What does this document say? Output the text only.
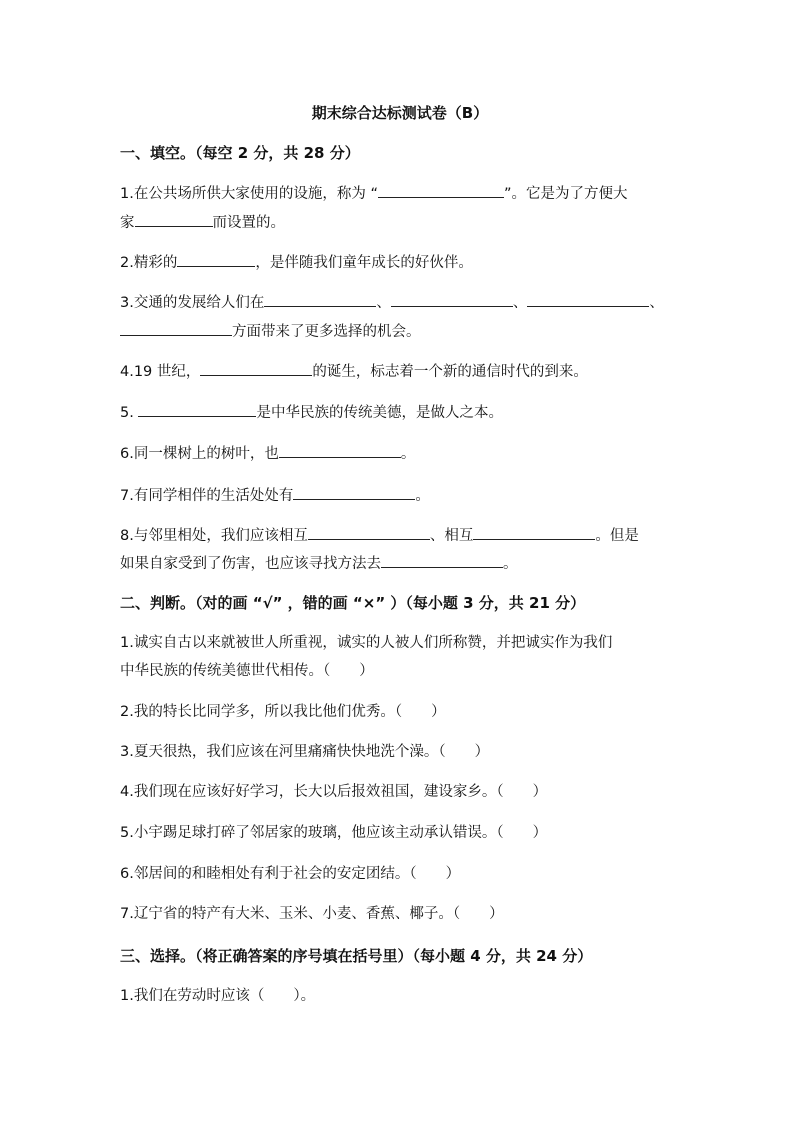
期末综合达标测试卷（B）
一、填空。（每空 2 分，共 28 分）
1.在公共场所供大家使用的设施，称为 “	”。它是为了方便大
家	而设置的。
2.精彩的	，是伴随我们童年成长的好伙伴。
3.交通的发展给人们在	、	、	、
方面带来了更多选择的机会。
4.19 世纪，	的诞生，标志着一个新的通信时代的到来。
5.	是中华民族的传统美德，是做人之本。
6.同一棵树上的树叶，也	。
7.有同学相伴的生活处处有	。
8.与邻里相处，我们应该相互	、相互	。但是
如果自家受到了伤害，也应该寻找方法去	。
二、判断。（对的画 “√” ，错的画 “×” ）（每小题 3 分，共 21 分）
1.诚实自古以来就被世人所重视，诚实的人被人们所称赞，并把诚实作为我们
中华民族的传统美德世代相传。（　　）
2.我的特长比同学多，所以我比他们优秀。（　　）
3.夏天很热，我们应该在河里痛痛快快地洗个澡。（　　）
4.我们现在应该好好学习，长大以后报效祖国，建设家乡。（　　）
5.小宇踢足球打碎了邻居家的玻璃，他应该主动承认错误。（　　）
6.邻居间的和睦相处有利于社会的安定团结。（　　）
7.辽宁省的特产有大米、玉米、小麦、香蕉、椰子。（　　）
三、选择。（将正确答案的序号填在括号里）（每小题 4 分，共 24 分）
1.我们在劳动时应该（　　）。
